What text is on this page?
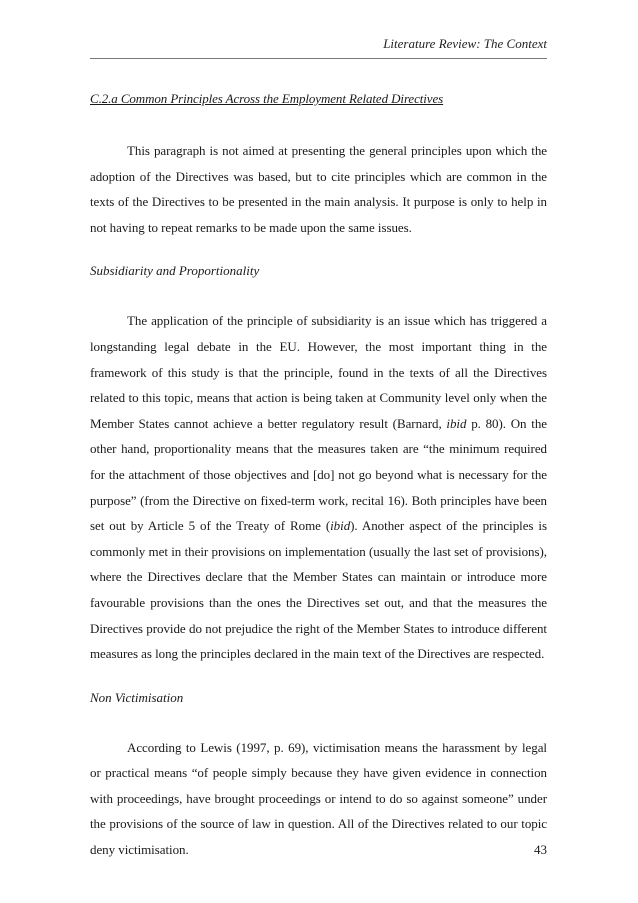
Literature Review: The Context

C.2.a Common Principles Across the Employment Related Directives

This paragraph is not aimed at presenting the general principles upon which the adoption of the Directives was based, but to cite principles which are common in the texts of the Directives to be presented in the main analysis. It purpose is only to help in not having to repeat remarks to be made upon the same issues.

Subsidiarity and Proportionality

The application of the principle of subsidiarity is an issue which has triggered a longstanding legal debate in the EU. However, the most important thing in the framework of this study is that the principle, found in the texts of all the Directives related to this topic, means that action is being taken at Community level only when the Member States cannot achieve a better regulatory result (Barnard, ibid p. 80). On the other hand, proportionality means that the measures taken are “the minimum required for the attachment of those objectives and [do] not go beyond what is necessary for the purpose” (from the Directive on fixed-term work, recital 16). Both principles have been set out by Article 5 of the Treaty of Rome (ibid). Another aspect of the principles is commonly met in their provisions on implementation (usually the last set of provisions), where the Directives declare that the Member States can maintain or introduce more favourable provisions than the ones the Directives set out, and that the measures the Directives provide do not prejudice the right of the Member States to introduce different measures as long the principles declared in the main text of the Directives are respected.

Non Victimisation

According to Lewis (1997, p. 69), victimisation means the harassment by legal or practical means “of people simply because they have given evidence in connection with proceedings, have brought proceedings or intend to do so against someone” under the provisions of the source of law in question. All of the Directives related to our topic deny victimisation.	43
